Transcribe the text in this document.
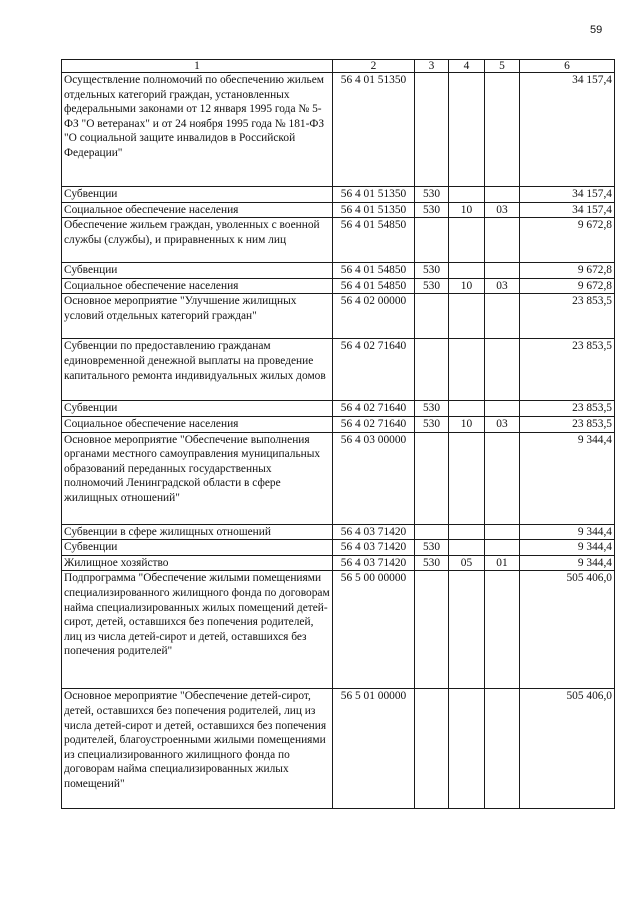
59
1	2	3	4	5	6
Осуществление полномочий по обеспечению жильем отдельных категорий граждан, установленных федеральными законами от 12 января 1995 года № 5-ФЗ "О ветеранах" и от 24 ноября 1995 года № 181-ФЗ "О социальной защите инвалидов в Российской Федерации"	56 4 01 51350				34 157,4
Субвенции	56 4 01 51350	530			34 157,4
Социальное обеспечение населения	56 4 01 51350	530	10	03	34 157,4
Обеспечение жильем граждан, уволенных с военной службы (службы), и приравненных к ним лиц	56 4 01 54850				9 672,8
Субвенции	56 4 01 54850	530			9 672,8
Социальное обеспечение населения	56 4 01 54850	530	10	03	9 672,8
Основное мероприятие "Улучшение жилищных условий отдельных категорий граждан"	56 4 02 00000				23 853,5
Субвенции по предоставлению гражданам единовременной денежной выплаты на проведение капитального ремонта индивидуальных жилых домов	56 4 02 71640				23 853,5
Субвенции	56 4 02 71640	530			23 853,5
Социальное обеспечение населения	56 4 02 71640	530	10	03	23 853,5
Основное мероприятие "Обеспечение выполнения органами местного самоуправления муниципальных образований переданных государственных полномочий Ленинградской области в сфере жилищных отношений"	56 4 03 00000				9 344,4
Субвенции в сфере жилищных отношений	56 4 03 71420				9 344,4
Субвенции	56 4 03 71420	530			9 344,4
Жилищное хозяйство	56 4 03 71420	530	05	01	9 344,4
Подпрограмма "Обеспечение жилыми помещениями специализированного жилищного фонда по договорам найма специализированных жилых помещений детей-сирот, детей, оставшихся без попечения родителей, лиц из числа детей-сирот и детей, оставшихся без попечения родителей"	56 5 00 00000				505 406,0
Основное мероприятие "Обеспечение детей-сирот, детей, оставшихся без попечения родителей, лиц из числа детей-сирот и детей, оставшихся без попечения родителей, благоустроенными жилыми помещениями из специализированного жилищного фонда по договорам найма специализированных жилых помещений"	56 5 01 00000				505 406,0
